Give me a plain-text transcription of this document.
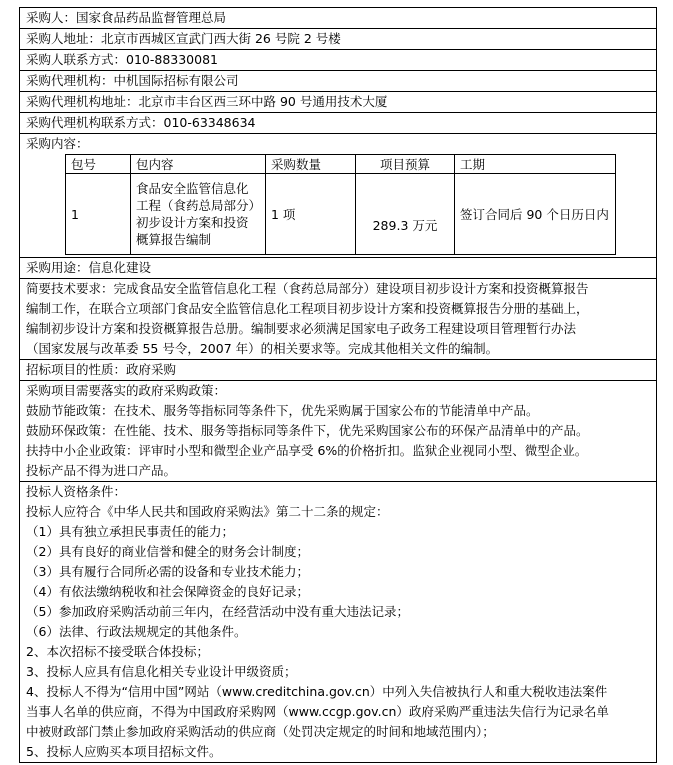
采购人：国家食品药品监督管理总局
采购人地址：北京市西城区宣武门西大街 26 号院 2 号楼
采购人联系方式：010-88330081
采购代理机构：中机国际招标有限公司
采购代理机构地址：北京市丰台区西三环中路 90 号通用技术大厦
采购代理机构联系方式：010-63348634
采购内容：
包号	包内容	采购数量	项目预算	工期
1	食品安全监管信息化工程（食药总局部分）初步设计方案和投资概算报告编制	1 项	289.3 万元	签订合同后 90 个日历日内
采购用途：信息化建设
简要技术要求：完成食品安全监管信息化工程（食药总局部分）建设项目初步设计方案和投资概算报告
编制工作，在联合立项部门食品安全监管信息化工程项目初步设计方案和投资概算报告分册的基础上，
编制初步设计方案和投资概算报告总册。编制要求必须满足国家电子政务工程建设项目管理暂行办法
（国家发展与改革委 55 号令，2007 年）的相关要求等。完成其他相关文件的编制。
招标项目的性质：政府采购
采购项目需要落实的政府采购政策：
鼓励节能政策：在技术、服务等指标同等条件下，优先采购属于国家公布的节能清单中产品。
鼓励环保政策：在性能、技术、服务等指标同等条件下，优先采购国家公布的环保产品清单中的产品。
扶持中小企业政策：评审时小型和微型企业产品享受 6%的价格折扣。监狱企业视同小型、微型企业。
投标产品不得为进口产品。
投标人资格条件：
投标人应符合《中华人民共和国政府采购法》第二十二条的规定：
（1）具有独立承担民事责任的能力；
（2）具有良好的商业信誉和健全的财务会计制度；
（3）具有履行合同所必需的设备和专业技术能力；
（4）有依法缴纳税收和社会保障资金的良好记录；
（5）参加政府采购活动前三年内，在经营活动中没有重大违法记录；
（6）法律、行政法规规定的其他条件。
2、本次招标不接受联合体投标；
3、投标人应具有信息化相关专业设计甲级资质；
4、投标人不得为“信用中国”网站（www.creditchina.gov.cn）中列入失信被执行人和重大税收违法案件
当事人名单的供应商，不得为中国政府采购网（www.ccgp.gov.cn）政府采购严重违法失信行为记录名单
中被财政部门禁止参加政府采购活动的供应商（处罚决定规定的时间和地域范围内）；
5、投标人应购买本项目招标文件。
